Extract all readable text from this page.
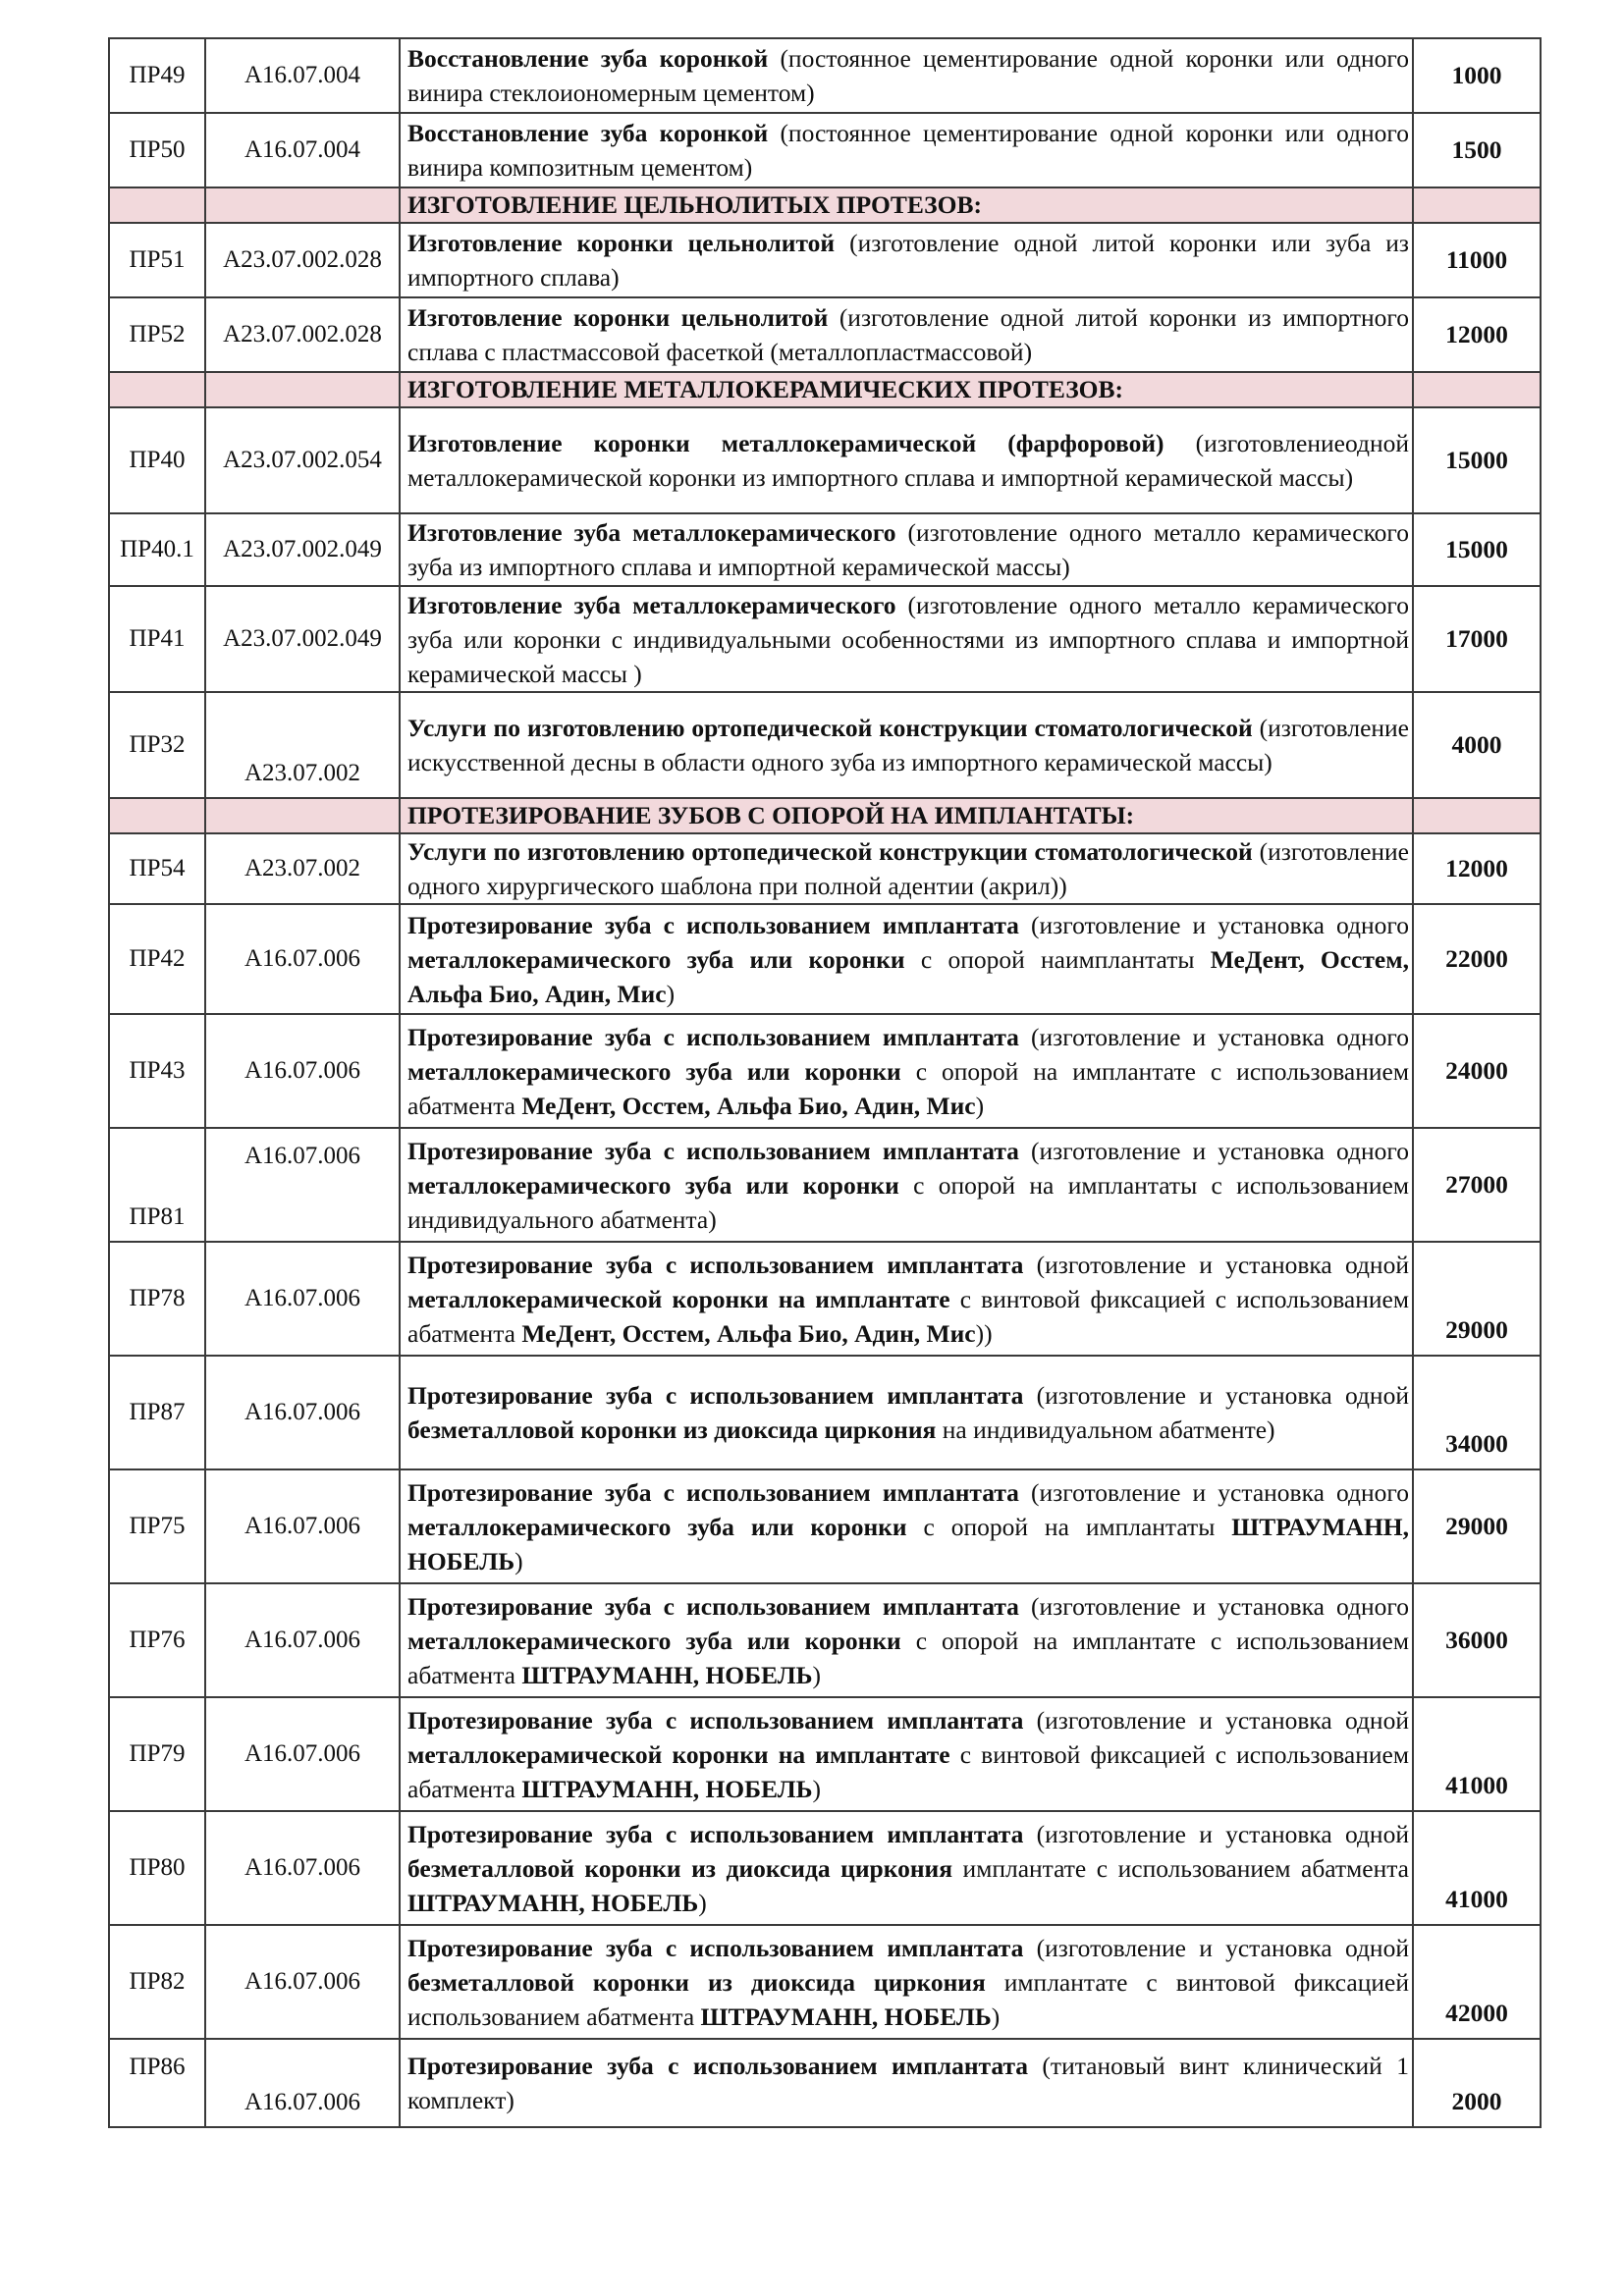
ПР49	А16.07.004	Восстановление зуба коронкой (постоянное цементирование одной коронки или одного винира стеклоиономерным цементом)	1000
ПР50	А16.07.004	Восстановление зуба коронкой (постоянное цементирование одной коронки или одного винира композитным цементом)	1500
		ИЗГОТОВЛЕНИЕ ЦЕЛЬНОЛИТЫХ ПРОТЕЗОВ:	
ПР51	А23.07.002.028	Изготовление коронки цельнолитой (изготовление одной литой коронки или зуба из импортного сплава)	11000
ПР52	А23.07.002.028	Изготовление коронки цельнолитой (изготовление одной литой коронки из импортного сплава с пластмассовой фасеткой (металлопластмассовой)	12000
		ИЗГОТОВЛЕНИЕ МЕТАЛЛОКЕРАМИЧЕСКИХ ПРОТЕЗОВ:	
ПР40	А23.07.002.054	Изготовление коронки металлокерамической (фарфоровой) (изготовлениеодной металлокерамической коронки из импортного сплава и импортной керамической массы)	15000
ПР40.1	А23.07.002.049	Изготовление зуба металлокерамического (изготовление одного металло керамического зуба из импортного сплава и импортной керамической массы)	15000
ПР41	А23.07.002.049	Изготовление зуба металлокерамического (изготовление одного металло керамического зуба или коронки с индивидуальными особенностями из импортного сплава и импортной керамической массы )	17000
ПР32	А23.07.002	Услуги по изготовлению ортопедической конструкции стоматологической (изготовление искусственной десны в области одного зуба из импортного керамической массы)	4000
		ПРОТЕЗИРОВАНИЕ ЗУБОВ С ОПОРОЙ НА ИМПЛАНТАТЫ:	
ПР54	А23.07.002	Услуги по изготовлению ортопедической конструкции стоматологической (изготовление одного хирургического шаблона при полной адентии (акрил))	12000
ПР42	А16.07.006	Протезирование зуба с использованием имплантата (изготовление и установка одного металлокерамического зуба или коронки с опорой наимплантаты МеДент, Осстем, Альфа Био, Адин, Мис)	22000
ПР43	А16.07.006	Протезирование зуба с использованием имплантата (изготовление и установка одного металлокерамического зуба или коронки с опорой на имплантате с использованием абатмента МеДент, Осстем, Альфа Био, Адин, Мис)	24000
ПР81	А16.07.006	Протезирование зуба с использованием имплантата (изготовление и установка одного металлокерамического зуба или коронки с опорой на имплантаты с использованием индивидуального абатмента)	27000
ПР78	А16.07.006	Протезирование зуба с использованием имплантата (изготовление и установка одной металлокерамической коронки на имплантате с винтовой фиксацией с использованием абатмента МеДент, Осстем, Альфа Био, Адин, Мис))	29000
ПР87	А16.07.006	Протезирование зуба с использованием имплантата (изготовление и установка одной безметалловой коронки из диоксида циркония на индивидуальном абатменте)	34000
ПР75	А16.07.006	Протезирование зуба с использованием имплантата (изготовление и установка одного металлокерамического зуба или коронки с опорой на имплантаты ШТРАУМАНН, НОБЕЛЬ)	29000
ПР76	А16.07.006	Протезирование зуба с использованием имплантата (изготовление и установка одного металлокерамического зуба или коронки с опорой на имплантате с использованием абатмента ШТРАУМАНН, НОБЕЛЬ)	36000
ПР79	А16.07.006	Протезирование зуба с использованием имплантата (изготовление и установка одной металлокерамической коронки на имплантате с винтовой фиксацией с использованием абатмента ШТРАУМАНН, НОБЕЛЬ)	41000
ПР80	А16.07.006	Протезирование зуба с использованием имплантата (изготовление и установка одной безметалловой коронки из диоксида циркония имплантате с использованием абатмента ШТРАУМАНН, НОБЕЛЬ)	41000
ПР82	А16.07.006	Протезирование зуба с использованием имплантата (изготовление и установка одной безметалловой коронки из диоксида циркония имплантате с винтовой фиксацией использованием абатмента ШТРАУМАНН, НОБЕЛЬ)	42000
ПР86	А16.07.006	Протезирование зуба с использованием имплантата (титановый винт клинический 1 комплект)	2000
